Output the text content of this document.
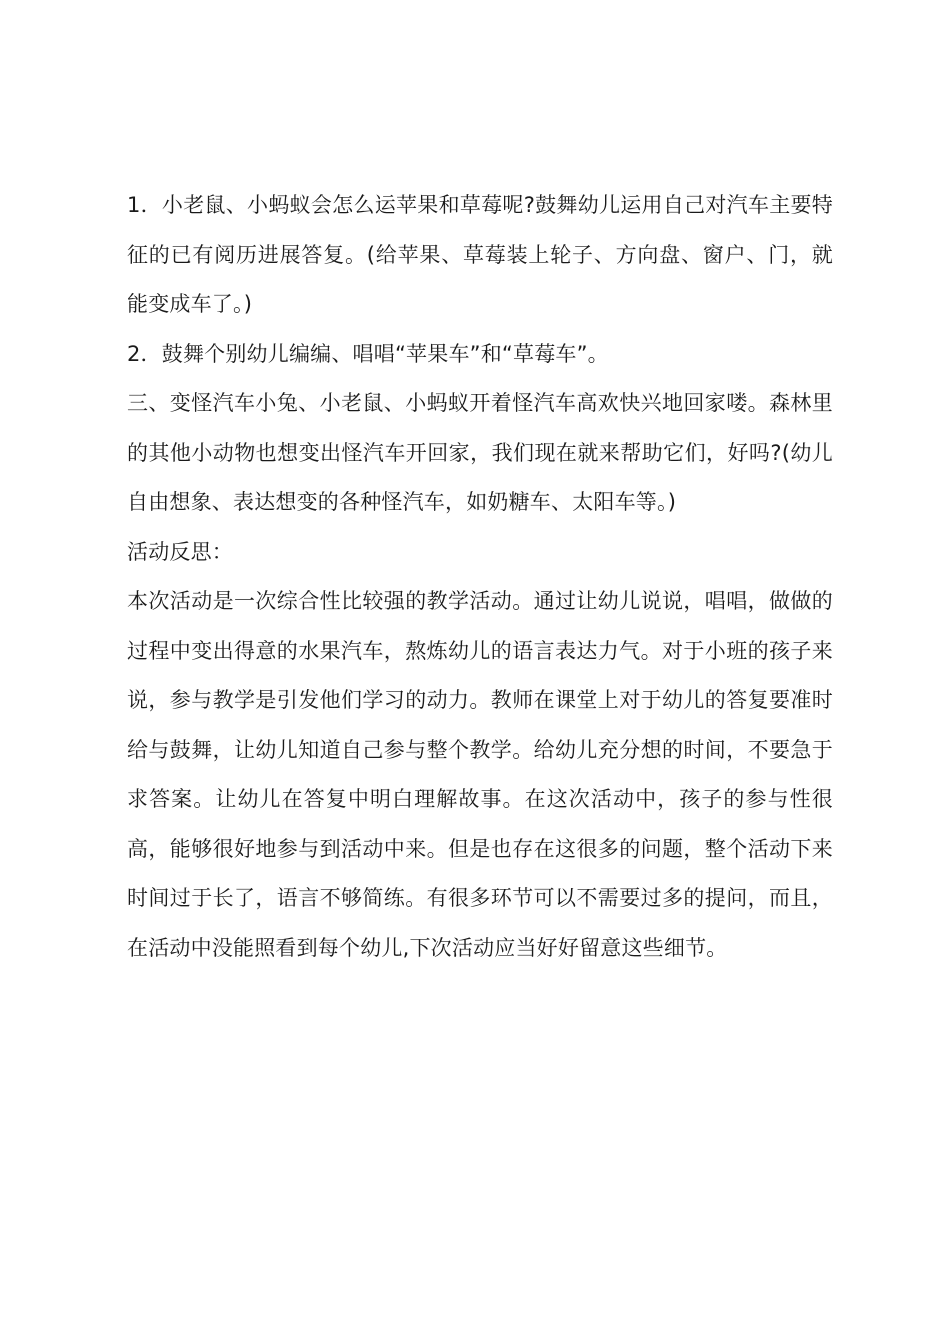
1．小老鼠、小蚂蚁会怎么运苹果和草莓呢?鼓舞幼儿运用自己对汽车主要特征的已有阅历进展答复。(给苹果、草莓装上轮子、方向盘、窗户、门，就能变成车了。)

2．鼓舞个别幼儿编编、唱唱“苹果车”和“草莓车”。

三、变怪汽车小兔、小老鼠、小蚂蚁开着怪汽车高欢快兴地回家喽。森林里的其他小动物也想变出怪汽车开回家，我们现在就来帮助它们，好吗?(幼儿自由想象、表达想变的各种怪汽车，如奶糖车、太阳车等。)

活动反思：

本次活动是一次综合性比较强的教学活动。通过让幼儿说说，唱唱，做做的过程中变出得意的水果汽车，熬炼幼儿的语言表达力气。对于小班的孩子来说，参与教学是引发他们学习的动力。教师在课堂上对于幼儿的答复要准时给与鼓舞，让幼儿知道自己参与整个教学。给幼儿充分想的时间，不要急于求答案。让幼儿在答复中明白理解故事。在这次活动中，孩子的参与性很高，能够很好地参与到活动中来。但是也存在这很多的问题，整个活动下来时间过于长了，语言不够简练。有很多环节可以不需要过多的提问，而且，在活动中没能照看到每个幼儿,下次活动应当好好留意这些细节。
